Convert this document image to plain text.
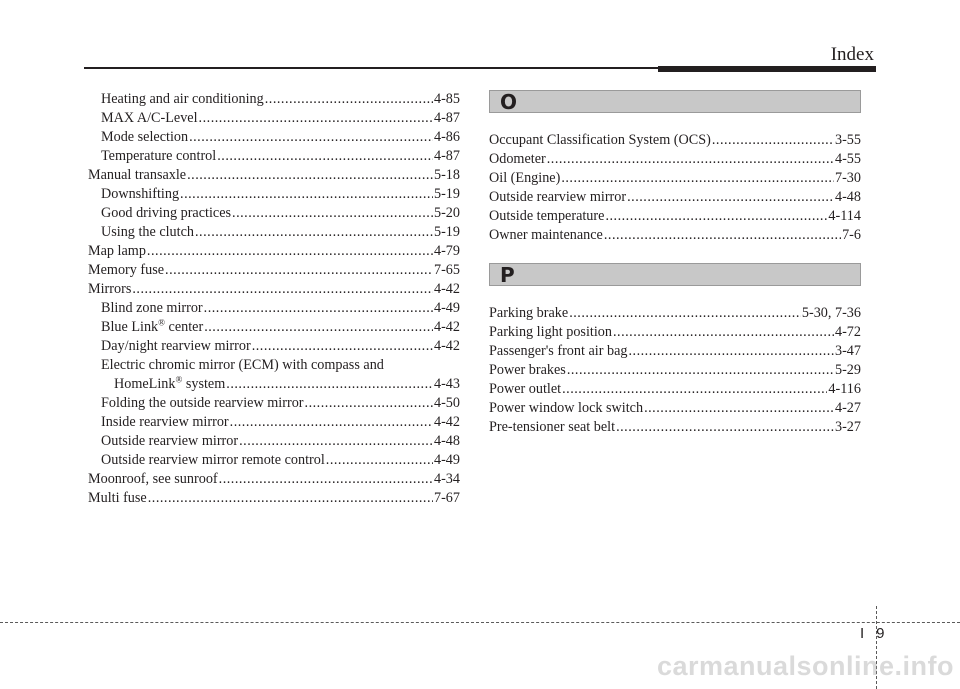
Index
Heating and air conditioning .....	4-85
MAX A/C-Level .....	4-87
Mode selection .....	4-86
Temperature control .....	4-87
Manual transaxle .....	5-18
Downshifting .....	5-19
Good driving practices .....	5-20
Using the clutch .....	5-19
Map lamp .....	4-79
Memory fuse .....	7-65
Mirrors .....	4-42
Blind zone mirror .....	4-49
Blue Link® center .....	4-42
Day/night rearview mirror .....	4-42
Electric chromic mirror (ECM) with compass and
HomeLink® system .....	4-43
Folding the outside rearview mirror .....	4-50
Inside rearview mirror .....	4-42
Outside rearview mirror .....	4-48
Outside rearview mirror remote control .....	4-49
Moonroof, see sunroof .....	4-34
Multi fuse .....	7-67
O
Occupant Classification System (OCS) .....	3-55
Odometer .....	4-55
Oil (Engine) .....	7-30
Outside rearview mirror .....	4-48
Outside temperature .....	4-114
Owner maintenance .....	7-6
P
Parking brake .....	5-30, 7-36
Parking light position .....	4-72
Passenger's front air bag .....	3-47
Power brakes .....	5-29
Power outlet .....	4-116
Power window lock switch .....	4-27
Pre-tensioner seat belt .....	3-27
I 9
carmanualsonline.info
